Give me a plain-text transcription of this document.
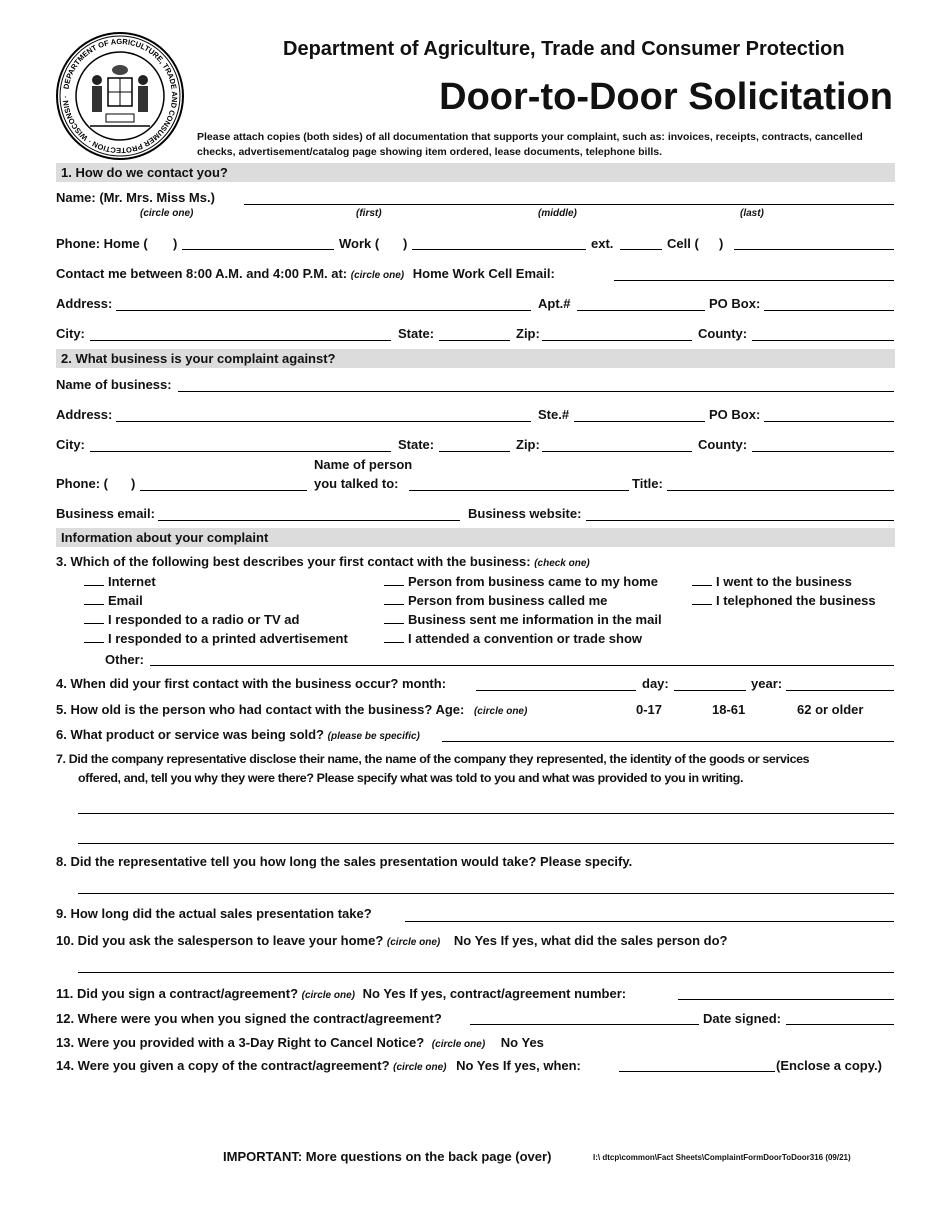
DEPARTMENT OF AGRICULTURE, TRADE AND CONSUMER PROTECTION · WISCONSIN ·
Department of Agriculture, Trade and Consumer Protection
Door-to-Door Solicitation
Please attach copies (both sides) of all documentation that supports your complaint, such as: invoices, receipts, contracts, cancelled checks, advertisement/catalog page showing item ordered, lease documents, telephone bills.
1. How do we contact you?
Name: (Mr. Mrs. Miss Ms.)
(circle one)	(first)	(middle)	(last)
Phone: Home ( )	Work ( )	ext.	Cell ( )
Contact me between 8:00 A.M. and 4:00 P.M. at: (circle one) Home Work Cell Email:
Address:	Apt.#	PO Box:
City:	State:	Zip:	County:
2. What business is your complaint against?
Name of business:
Address:	Ste.#	PO Box:
City:	State:	Zip:	County:
Name of person
Phone: ( )	you talked to:	Title:
Business email:	Business website:
Information about your complaint
3. Which of the following best describes your first contact with the business: (check one)
Internet
Email
I responded to a radio or TV ad
I responded to a printed advertisement
Person from business came to my home
Person from business called me
Business sent me information in the mail
I attended a convention or trade show
I went to the business
I telephoned the business
Other:
4. When did your first contact with the business occur? month:	day:	year:
5. How old is the person who had contact with the business? Age: (circle one)	0-17	18-61	62 or older
6. What product or service was being sold? (please be specific)
7. Did the company representative disclose their name, the name of the company they represented, the identity of the goods or services
offered, and, tell you why they were there? Please specify what was told to you and what was provided to you in writing.
8. Did the representative tell you how long the sales presentation would take? Please specify.
9. How long did the actual sales presentation take?
10. Did you ask the salesperson to leave your home? (circle one) No Yes If yes, what did the sales person do?
11. Did you sign a contract/agreement? (circle one) No Yes If yes, contract/agreement number:
12. Where were you when you signed the contract/agreement?	Date signed:
13. Were you provided with a 3-Day Right to Cancel Notice? (circle one) No Yes
14. Were you given a copy of the contract/agreement? (circle one) No Yes If yes, when:	(Enclose a copy.)
IMPORTANT: More questions on the back page (over)	I:\ dtcp\common\Fact Sheets\ComplaintFormDoorToDoor316 (09/21)
